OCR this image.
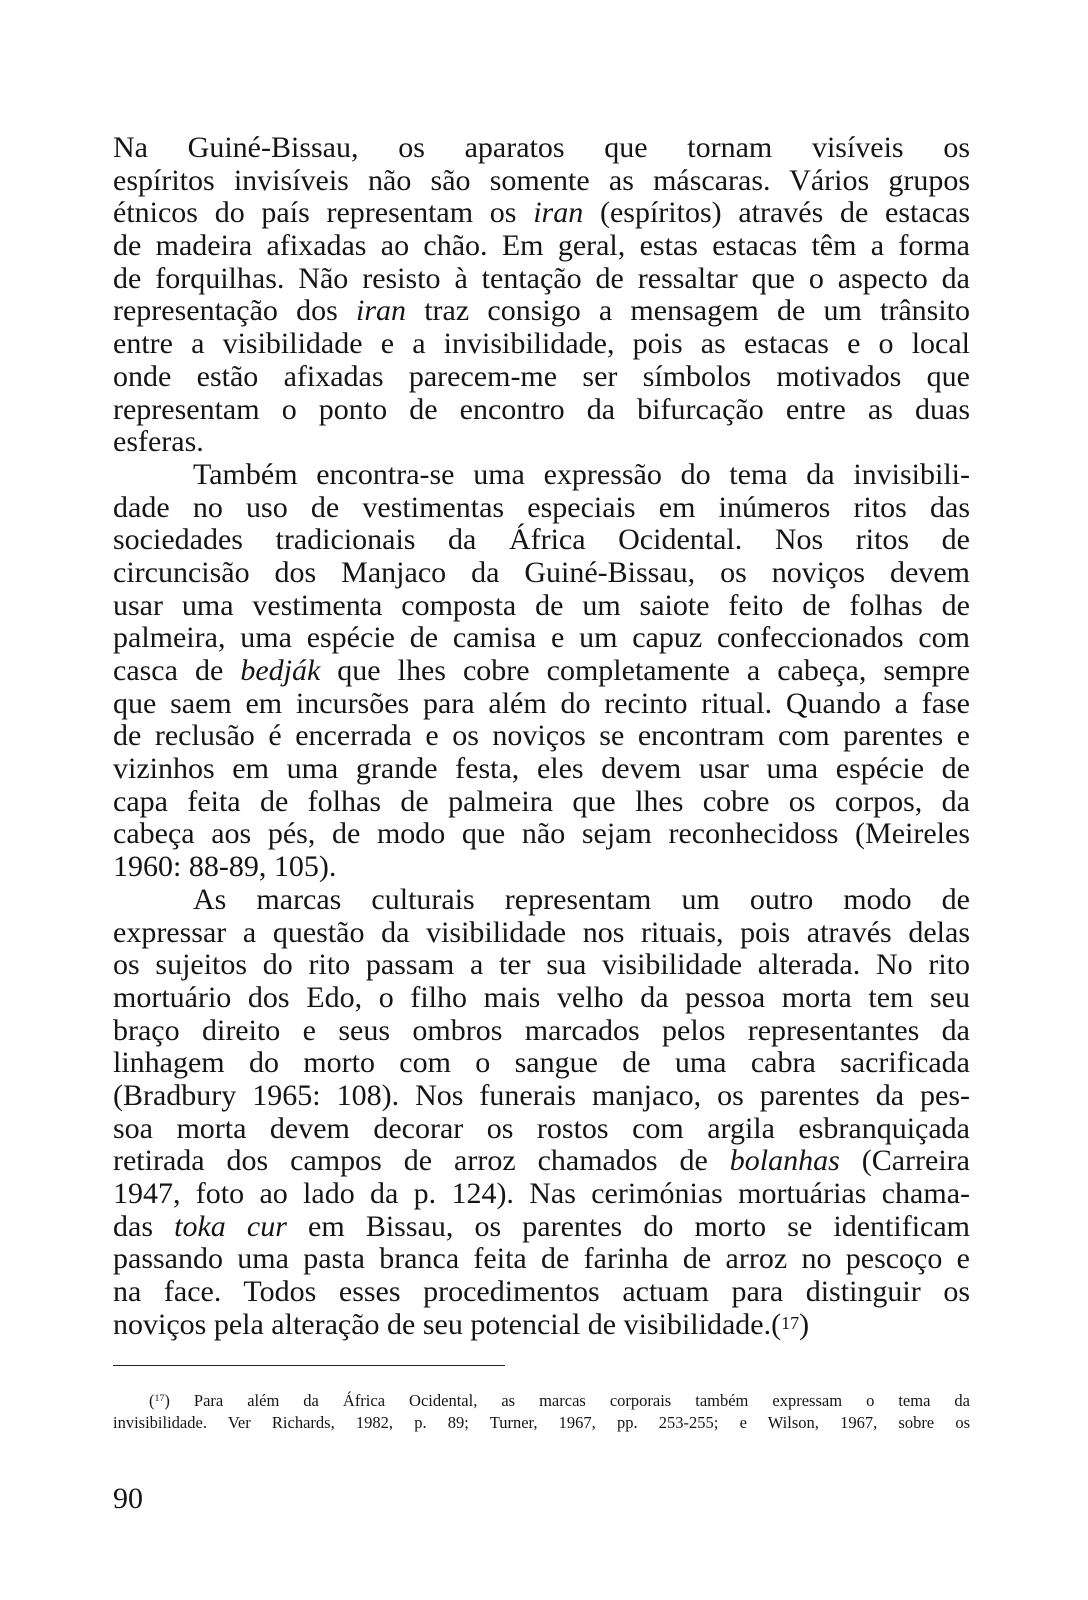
Na Guiné-Bissau, os aparatos que tornam visíveis os
espíritos invisíveis não são somente as máscaras. Vários grupos
étnicos do país representam os iran (espíritos) através de estacas
de madeira afixadas ao chão. Em geral, estas estacas têm a forma
de forquilhas. Não resisto à tentação de ressaltar que o aspecto da
representação dos iran traz consigo a mensagem de um trânsito
entre a visibilidade e a invisibilidade, pois as estacas e o local
onde estão afixadas parecem-me ser símbolos motivados que
representam o ponto de encontro da bifurcação entre as duas
esferas.
Também encontra-se uma expressão do tema da invisibili-
dade no uso de vestimentas especiais em inúmeros ritos das
sociedades tradicionais da África Ocidental. Nos ritos de
circuncisão dos Manjaco da Guiné-Bissau, os noviços devem
usar uma vestimenta composta de um saiote feito de folhas de
palmeira, uma espécie de camisa e um capuz confeccionados com
casca de bedják que lhes cobre completamente a cabeça, sempre
que saem em incursões para além do recinto ritual. Quando a fase
de reclusão é encerrada e os noviços se encontram com parentes e
vizinhos em uma grande festa, eles devem usar uma espécie de
capa feita de folhas de palmeira que lhes cobre os corpos, da
cabeça aos pés, de modo que não sejam reconhecidoss (Meireles
1960: 88-89, 105).
As marcas culturais representam um outro modo de
expressar a questão da visibilidade nos rituais, pois através delas
os sujeitos do rito passam a ter sua visibilidade alterada. No rito
mortuário dos Edo, o filho mais velho da pessoa morta tem seu
braço direito e seus ombros marcados pelos representantes da
linhagem do morto com o sangue de uma cabra sacrificada
(Bradbury 1965: 108). Nos funerais manjaco, os parentes da pes-
soa morta devem decorar os rostos com argila esbranquiçada
retirada dos campos de arroz chamados de bolanhas (Carreira
1947, foto ao lado da p. 124). Nas cerimónias mortuárias chama-
das toka cur em Bissau, os parentes do morto se identificam
passando uma pasta branca feita de farinha de arroz no pescoço e
na face. Todos esses procedimentos actuam para distinguir os
noviços pela alteração de seu potencial de visibilidade.($^{17}$)
($^{17}$) Para além da África Ocidental, as marcas corporais também expressam o tema da
invisibilidade. Ver Richards, 1982, p. 89; Turner, 1967, pp. 253-255; e Wilson, 1967, sobre os
90
